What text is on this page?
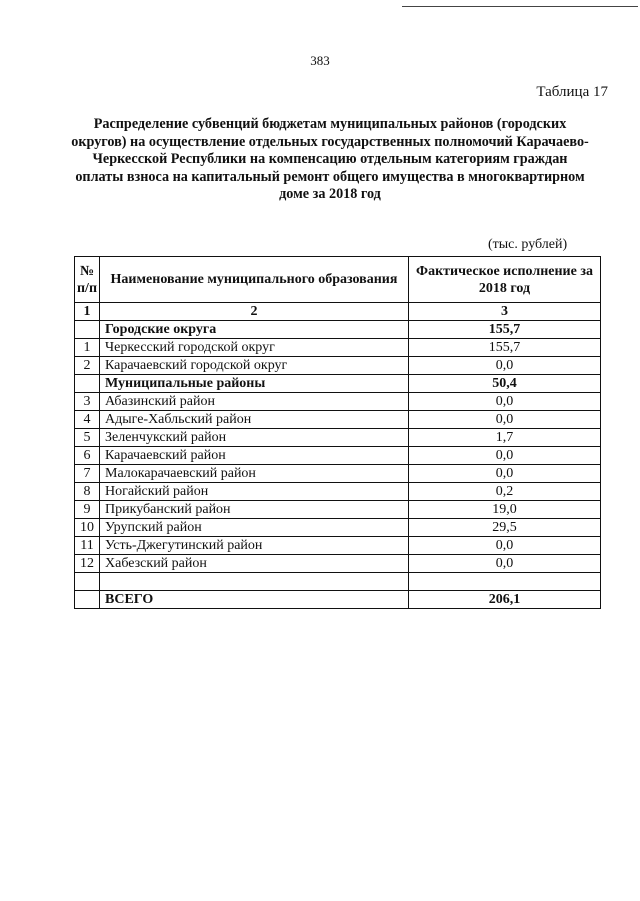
383
Таблица 17
Распределение субвенций бюджетам муниципальных районов (городских округов) на осуществление отдельных государственных полномочий Карачаево-Черкесской Республики на компенсацию отдельным категориям граждан оплаты взноса на капитальный ремонт общего имущества в многоквартирном доме за 2018 год
(тыс. рублей)
№ п/п	Наименование муниципального образования	Фактическое исполнение за 2018 год
1	2	3
	Городские округа	155,7
1	Черкесский городской округ	155,7
2	Карачаевский городской округ	0,0
	Муниципальные районы	50,4
3	Абазинский район	0,0
4	Адыге-Хабльский район	0,0
5	Зеленчукский район	1,7
6	Карачаевский район	0,0
7	Малокарачаевский район	0,0
8	Ногайский район	0,2
9	Прикубанский район	19,0
10	Урупский район	29,5
11	Усть-Джегутинский район	0,0
12	Хабезский район	0,0

	ВСЕГО	206,1
